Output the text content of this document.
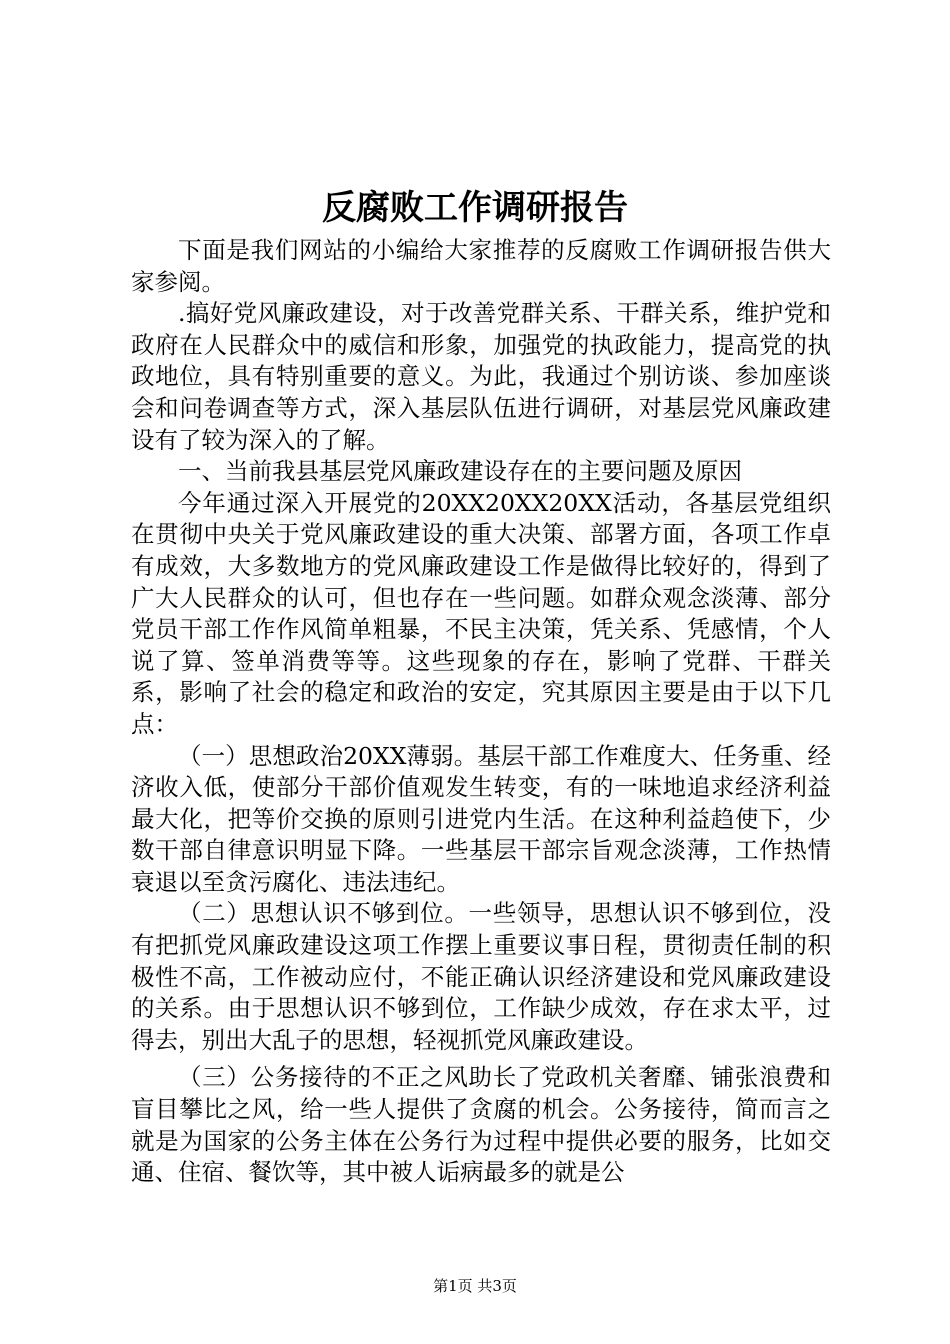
反腐败工作调研报告

下面是我们网站的小编给大家推荐的反腐败工作调研报告供大家参阅。

.搞好党风廉政建设，对于改善党群关系、干群关系，维护党和政府在人民群众中的威信和形象，加强党的执政能力，提高党的执政地位，具有特别重要的意义。为此，我通过个别访谈、参加座谈会和问卷调查等方式，深入基层队伍进行调研，对基层党风廉政建设有了较为深入的了解。

一、当前我县基层党风廉政建设存在的主要问题及原因

今年通过深入开展党的20XX20XX20XX活动，各基层党组织在贯彻中央关于党风廉政建设的重大决策、部署方面，各项工作卓有成效，大多数地方的党风廉政建设工作是做得比较好的，得到了广大人民群众的认可，但也存在一些问题。如群众观念淡薄、部分党员干部工作作风简单粗暴，不民主决策，凭关系、凭感情，个人说了算、签单消费等等。这些现象的存在，影响了党群、干群关系，影响了社会的稳定和政治的安定，究其原因主要是由于以下几点：

（一）思想政治20XX薄弱。基层干部工作难度大、任务重、经济收入低，使部分干部价值观发生转变，有的一味地追求经济利益最大化，把等价交换的原则引进党内生活。在这种利益趋使下，少数干部自律意识明显下降。一些基层干部宗旨观念淡薄，工作热情衰退以至贪污腐化、违法违纪。

（二）思想认识不够到位。一些领导，思想认识不够到位，没有把抓党风廉政建设这项工作摆上重要议事日程，贯彻责任制的积极性不高，工作被动应付，不能正确认识经济建设和党风廉政建设的关系。由于思想认识不够到位，工作缺少成效，存在求太平，过得去，别出大乱子的思想，轻视抓党风廉政建设。

（三）公务接待的不正之风助长了党政机关奢靡、铺张浪费和盲目攀比之风，给一些人提供了贪腐的机会。公务接待，简而言之就是为国家的公务主体在公务行为过程中提供必要的服务，比如交通、住宿、餐饮等，其中被人诟病最多的就是公

第1页 共3页
